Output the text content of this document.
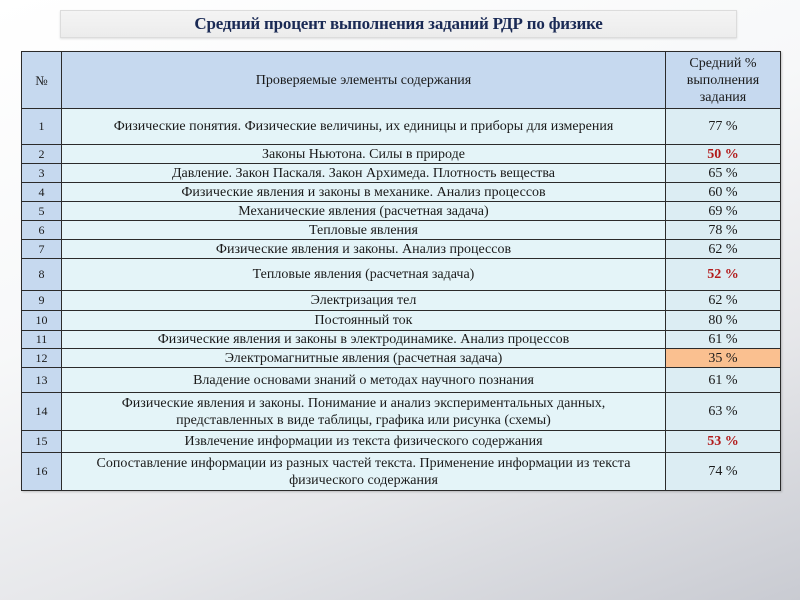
Средний процент выполнения заданий РДР по физике
№	Проверяемые элементы содержания	Средний %
выполнения
задания

1	Физические понятия. Физические величины, их единицы и приборы для измерения	77 %
2	Законы Ньютона. Силы в природе	50 %
3	Давление. Закон Паскаля. Закон Архимеда. Плотность вещества	65 %
4	Физические явления и законы в механике. Анализ процессов	60 %
5	Механические явления (расчетная задача)	69 %
6	Тепловые явления	78 %
7	Физические явления и законы. Анализ процессов	62 %
8	Тепловые явления (расчетная задача)	52 %
9	Электризация тел	62 %
10	Постоянный ток	80 %
11	Физические явления и законы в электродинамике. Анализ процессов	61 %
12	Электромагнитные явления (расчетная задача)	35 %
13	Владение основами знаний о методах научного познания	61 %
14	Физические явления и законы. Понимание и анализ экспериментальных данных,
представленных в виде таблицы, графика или рисунка (схемы)	63 %
15	Извлечение информации из текста физического содержания	53 %
16	Сопоставление информации из разных частей текста. Применение информации из текста
физического содержания	74 %
